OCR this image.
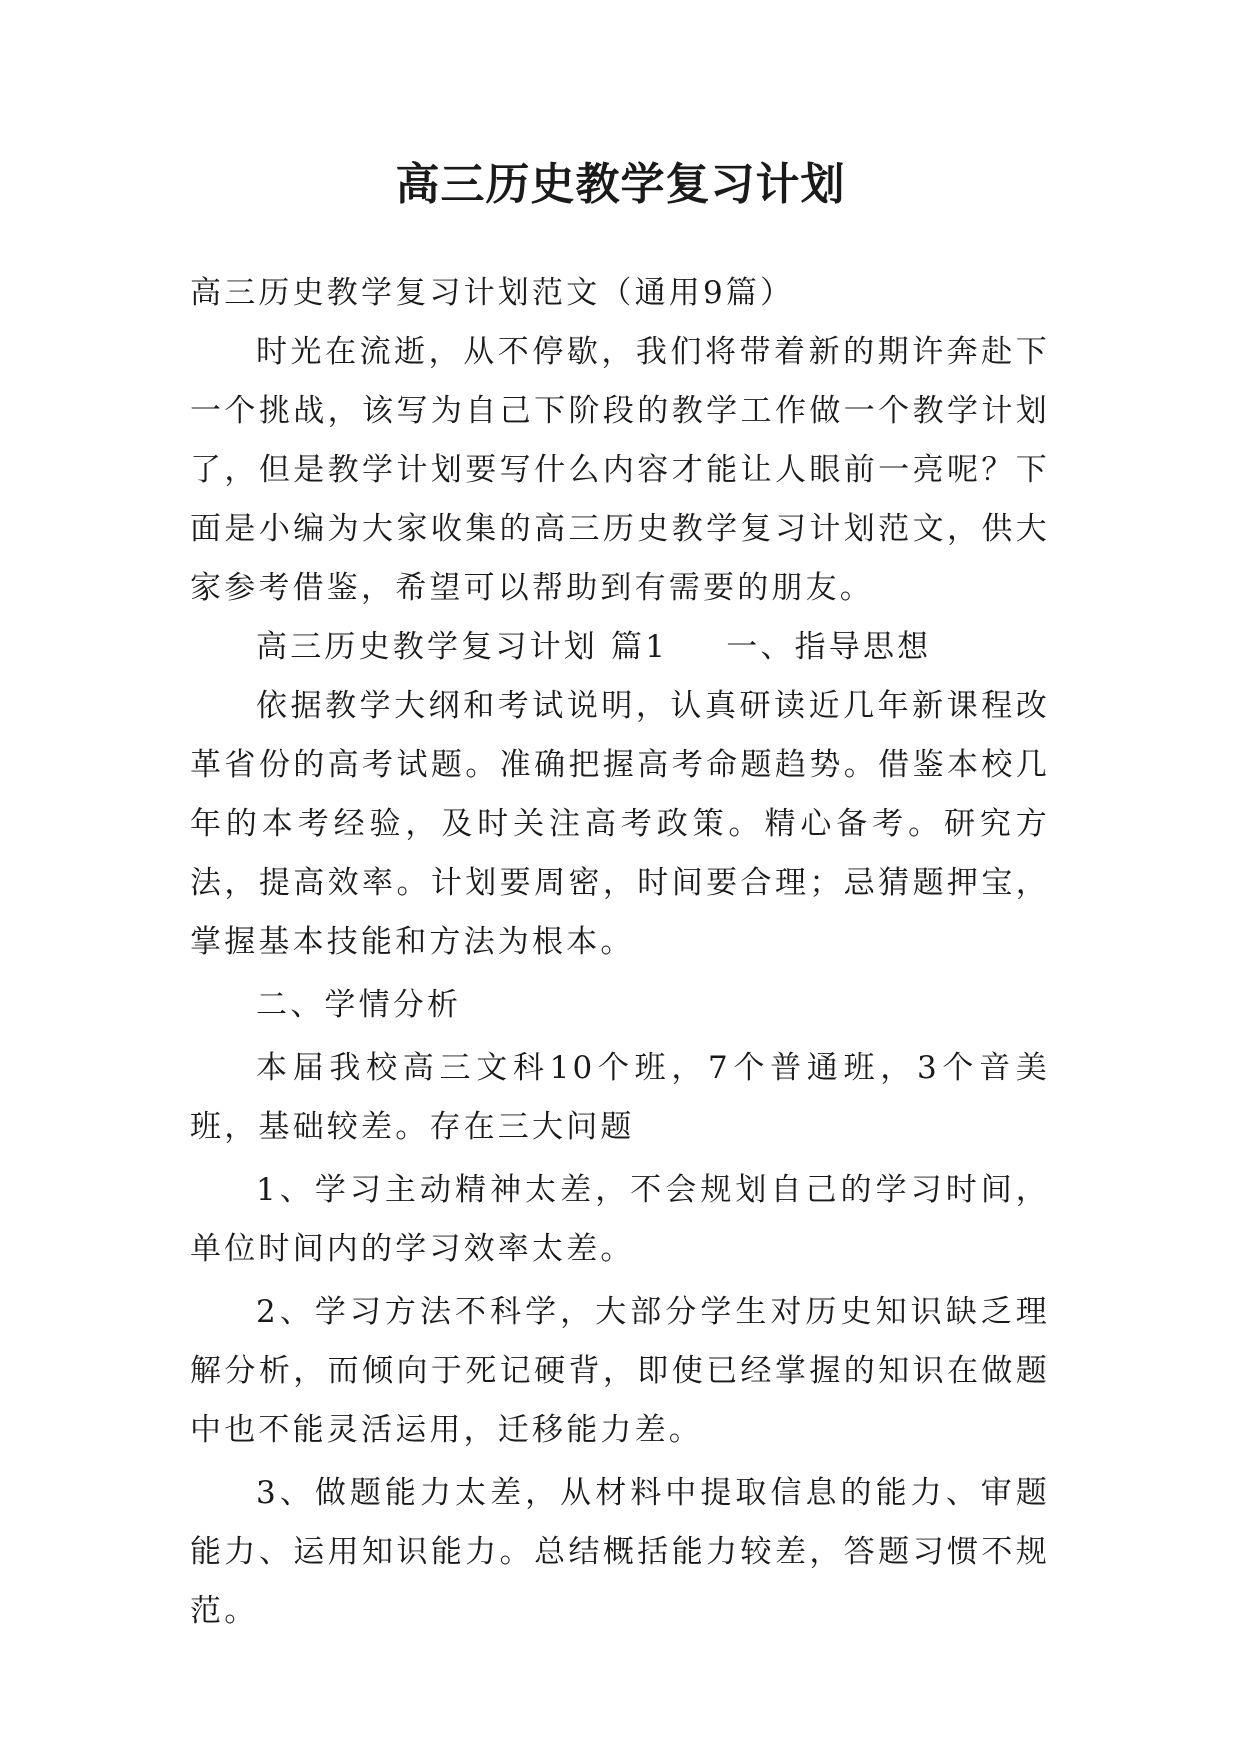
高三历史教学复习计划

高三历史教学复习计划范文（通用9篇）

时光在流逝，从不停歇，我们将带着新的期许奔赴下一个挑战，该写为自己下阶段的教学工作做一个教学计划了，但是教学计划要写什么内容才能让人眼前一亮呢？下面是小编为大家收集的高三历史教学复习计划范文，供大家参考借鉴，希望可以帮助到有需要的朋友。

高三历史教学复习计划 篇1 一、指导思想

依据教学大纲和考试说明，认真研读近几年新课程改革省份的高考试题。准确把握高考命题趋势。借鉴本校几年的本考经验，及时关注高考政策。精心备考。研究方法，提高效率。计划要周密，时间要合理；忌猜题押宝，掌握基本技能和方法为根本。

二、学情分析

本届我校高三文科10个班，7个普通班，3个音美班，基础较差。存在三大问题

1、学习主动精神太差，不会规划自己的学习时间，单位时间内的学习效率太差。

2、学习方法不科学，大部分学生对历史知识缺乏理解分析，而倾向于死记硬背，即使已经掌握的知识在做题中也不能灵活运用，迁移能力差。

3、做题能力太差，从材料中提取信息的能力、审题能力、运用知识能力。总结概括能力较差，答题习惯不规范。
